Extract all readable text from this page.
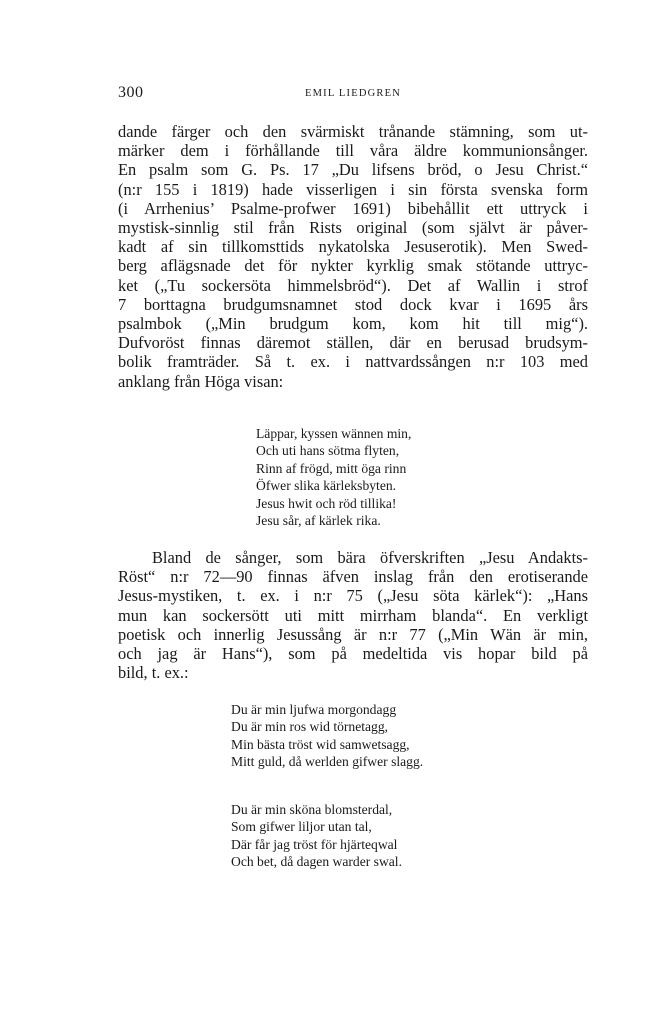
300	EMIL LIEDGREN
dande färger och den svärmiskt trånande stämning, som ut-
märker dem i förhållande till våra äldre kommunionsånger.
En psalm som G. Ps. 17 „Du lifsens bröd, o Jesu Christ.“
(n:r 155 i 1819) hade visserligen i sin första svenska form
(i Arrhenius’ Psalme-profwer 1691) bibehållit ett uttryck i
mystisk-sinnlig stil från Rists original (som självt är påver-
kadt af sin tillkomsttids nykatolska Jesuserotik). Men Swed-
berg aflägsnade det för nykter kyrklig smak stötande uttryc-
ket („Tu sockersöta himmelsbröd“). Det af Wallin i strof
7 borttagna brudgumsnamnet stod dock kvar i 1695 års
psalmbok („Min brudgum kom, kom hit till mig“).
Dufvoröst finnas däremot ställen, där en berusad brudsym-
bolik framträder. Så t. ex. i nattvardssången n:r 103 med
anklang från Höga visan:
Läppar, kyssen wännen min,
Och uti hans sötma flyten,
Rinn af frögd, mitt öga rinn
Öfwer slika kärleksbyten.
Jesus hwit och röd tillika!
Jesu sår, af kärlek rika.
Bland de sånger, som bära öfverskriften „Jesu Andakts-
Röst“ n:r 72—90 finnas äfven inslag från den erotiserande
Jesus-mystiken, t. ex. i n:r 75 („Jesu söta kärlek“): „Hans
mun kan sockersött uti mitt mirrham blanda“. En verkligt
poetisk och innerlig Jesussång är n:r 77 („Min Wän är min,
och jag är Hans“), som på medeltida vis hopar bild på
bild, t. ex.:
Du är min ljufwa morgondagg
Du är min ros wid törnetagg,
Min bästa tröst wid samwetsagg,
Mitt guld, då werlden gifwer slagg.
Du är min sköna blomsterdal,
Som gifwer liljor utan tal,
Där får jag tröst för hjärteqwal
Och bet, då dagen warder swal.
